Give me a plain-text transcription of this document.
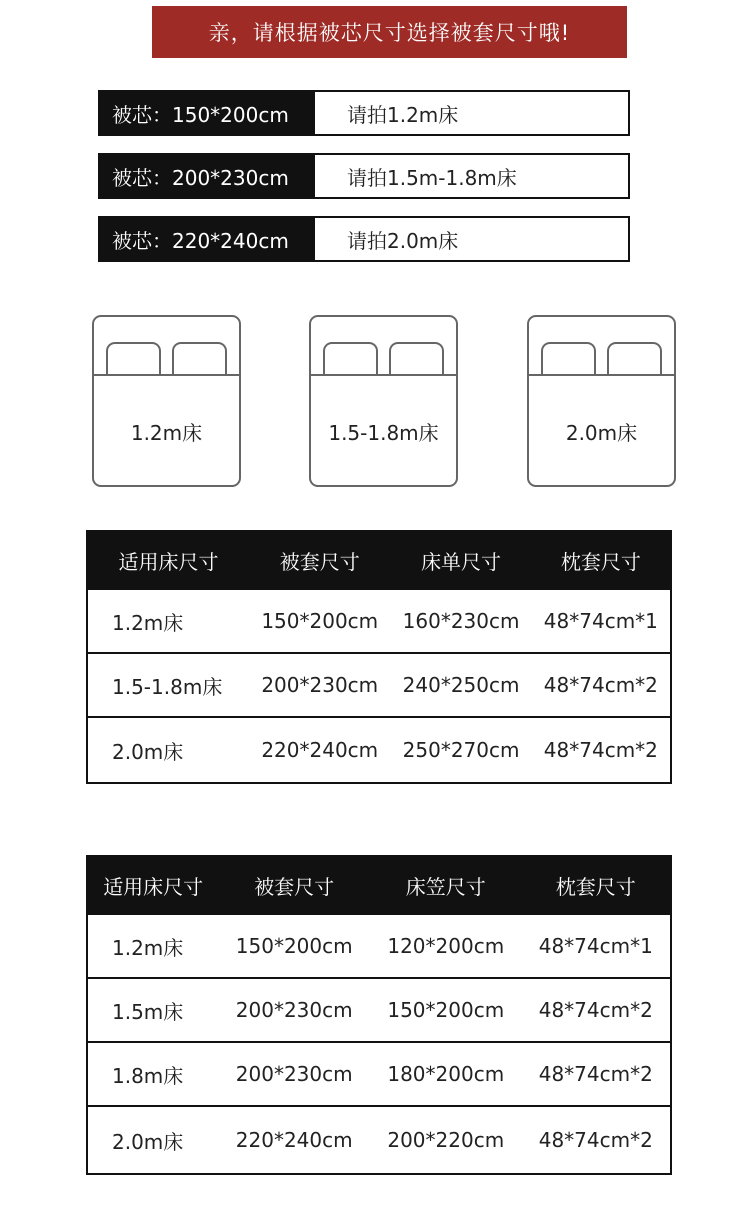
亲，请根据被芯尺寸选择被套尺寸哦!
被芯：150*200cm	请拍1.2m床
被芯：200*230cm	请拍1.5m-1.8m床
被芯：220*240cm	请拍2.0m床
1.2m床	1.5-1.8m床	2.0m床
适用床尺寸	被套尺寸	床单尺寸	枕套尺寸
1.2m床	150*200cm	160*230cm	48*74cm*1
1.5-1.8m床	200*230cm	240*250cm	48*74cm*2
2.0m床	220*240cm	250*270cm	48*74cm*2
适用床尺寸	被套尺寸	床笠尺寸	枕套尺寸
1.2m床	150*200cm	120*200cm	48*74cm*1
1.5m床	200*230cm	150*200cm	48*74cm*2
1.8m床	200*230cm	180*200cm	48*74cm*2
2.0m床	220*240cm	200*220cm	48*74cm*2
